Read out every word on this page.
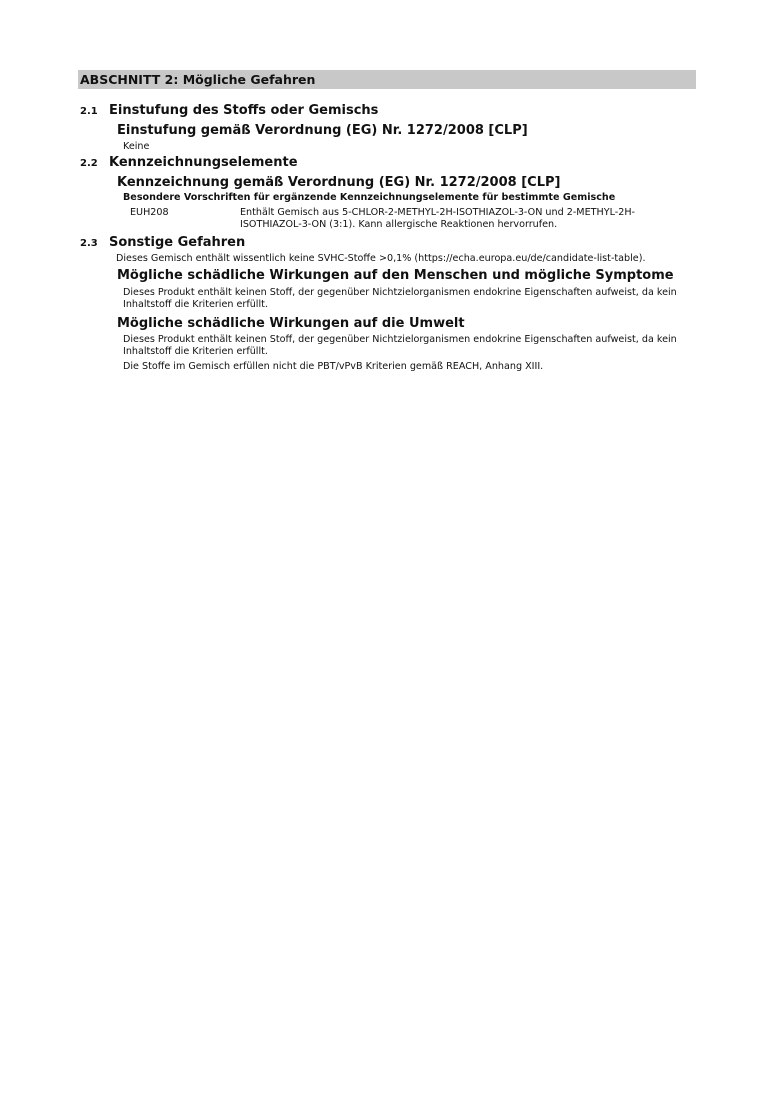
ABSCHNITT 2: Mögliche Gefahren
2.1 Einstufung des Stoffs oder Gemischs
Einstufung gemäß Verordnung (EG) Nr. 1272/2008 [CLP]
Keine
2.2 Kennzeichnungselemente
Kennzeichnung gemäß Verordnung (EG) Nr. 1272/2008 [CLP]
Besondere Vorschriften für ergänzende Kennzeichnungselemente für bestimmte Gemische
EUH208	Enthält Gemisch aus 5-CHLOR-2-METHYL-2H-ISOTHIAZOL-3-ON und 2-METHYL-2H-
ISOTHIAZOL-3-ON (3:1). Kann allergische Reaktionen hervorrufen.
2.3 Sonstige Gefahren
Dieses Gemisch enthält wissentlich keine SVHC-Stoffe >0,1% (https://echa.europa.eu/de/candidate-list-table).
Mögliche schädliche Wirkungen auf den Menschen und mögliche Symptome
Dieses Produkt enthält keinen Stoff, der gegenüber Nichtzielorganismen endokrine Eigenschaften aufweist, da kein
Inhaltstoff die Kriterien erfüllt.
Mögliche schädliche Wirkungen auf die Umwelt
Dieses Produkt enthält keinen Stoff, der gegenüber Nichtzielorganismen endokrine Eigenschaften aufweist, da kein
Inhaltstoff die Kriterien erfüllt.
Die Stoffe im Gemisch erfüllen nicht die PBT/vPvB Kriterien gemäß REACH, Anhang XIII.
